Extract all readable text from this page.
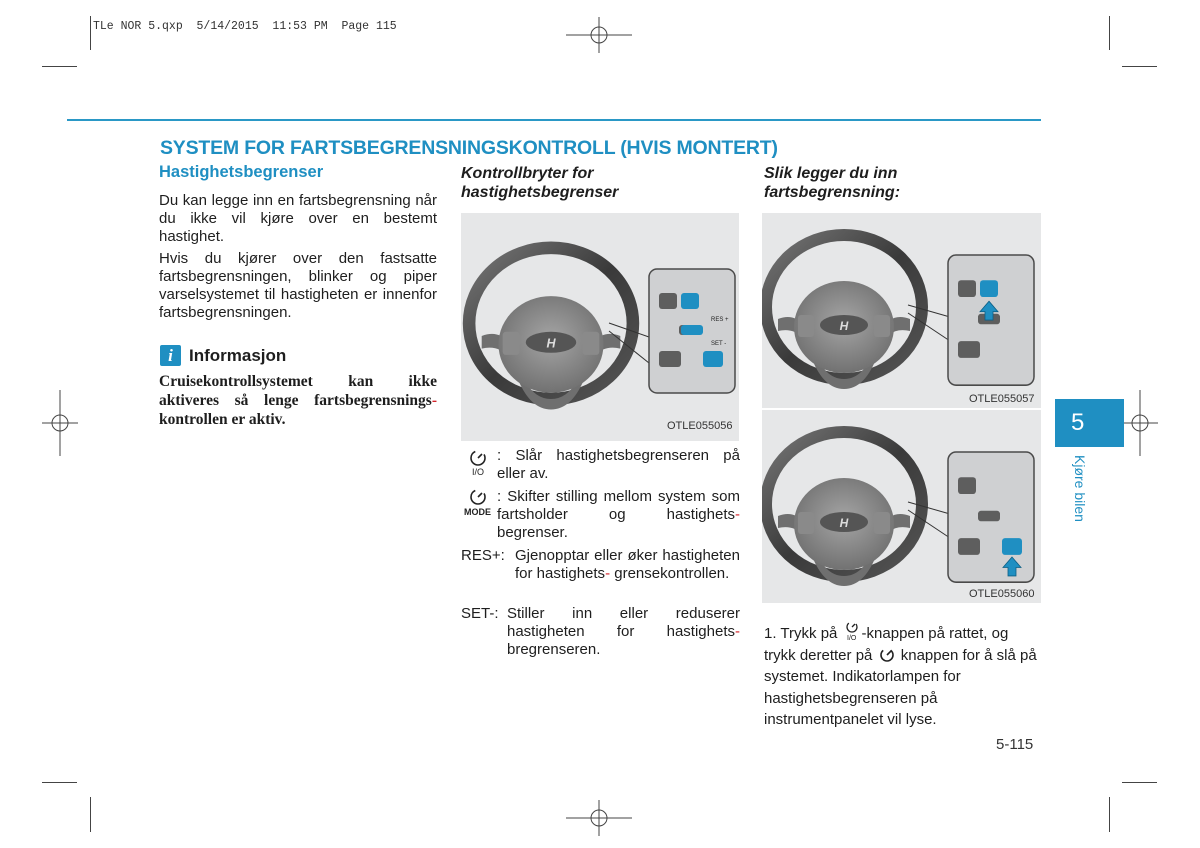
TLe NOR 5.qxp  5/14/2015  11:53 PM  Page 115
SYSTEM FOR FARTSBEGRENSNINGSKONTROLL (HVIS MONTERT)
Hastighetsbegrenser

Du kan legge inn en fartsbegrensning når du ikke vil kjøre over en bestemt hastighet.

Hvis du kjører over den fastsatte fartsbegrensningen, blinker og piper varselsystemet til hastigheten er innenfor fartsbegrensningen.

i Informasjon
Cruisekontrollsystemet kan ikke aktiveres så lenge fartsbegrensnings-kontrollen er aktiv.
Kontrollbryter for
hastighetsbegrenser
RES +
SET -
OTLE055056
I/O
: Slår hastighetsbegrenseren på eller av.
MODE
: Skifter stilling mellom system som fartsholder og hastighets- begrenser.
RES+: Gjenopptar eller øker hastigheten for hastighets- grensekontrollen.
SET-: Stiller inn eller reduserer hastigheten for hastighets- bregrenseren.
Slik legger du inn
fartsbegrensning:
OTLE055057
OTLE055060
1. Trykk på I/O -knappen på rattet, og trykk deretter på knappen for å slå på systemet. Indikatorlampen for hastighetsbegrenseren på instrumentpanelet vil lyse.
5
Kjøre bilen
5-115
